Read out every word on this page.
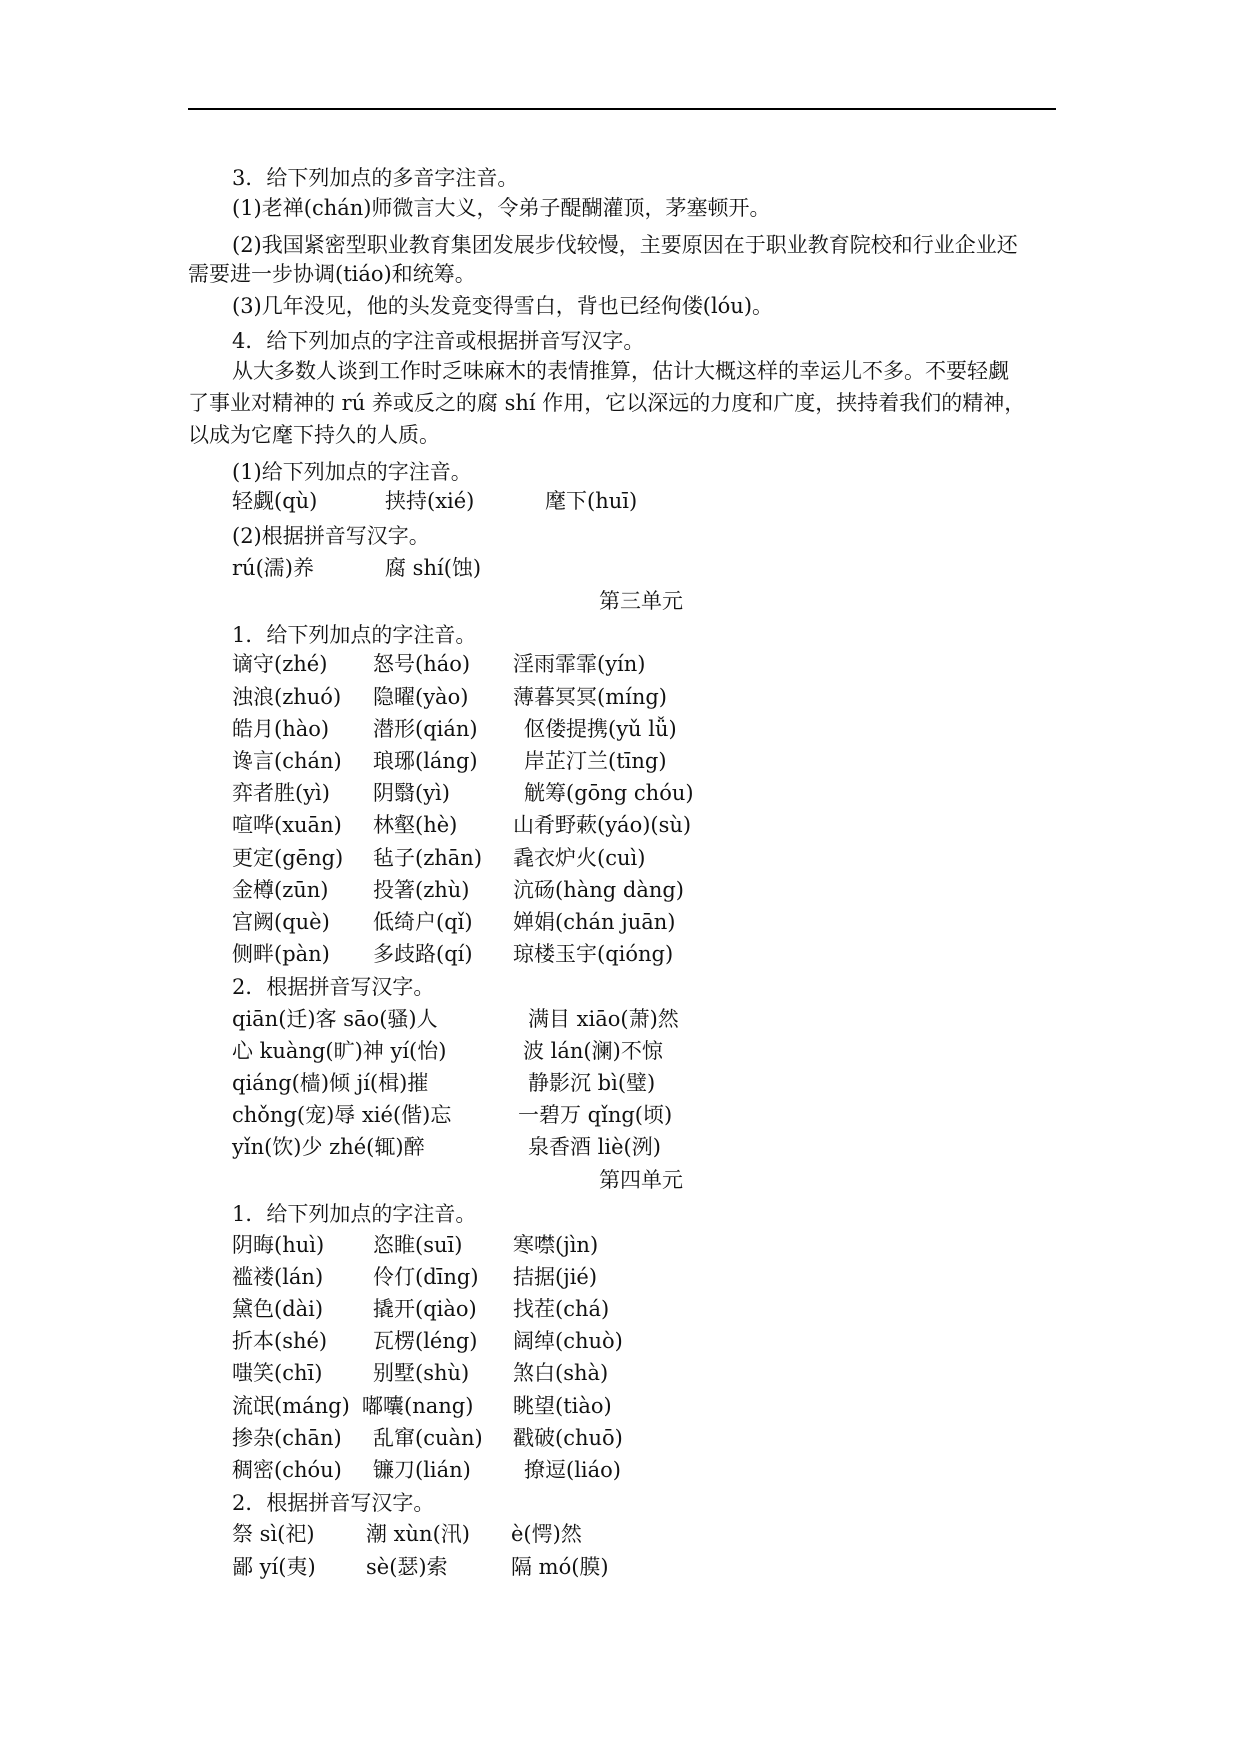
3．给下列加点的多音字注音。
(1)老禅(chán)师微言大义，令弟子醍醐灌顶，茅塞顿开。
(2)我国紧密型职业教育集团发展步伐较慢，主要原因在于职业教育院校和行业企业还
需要进一步协调(tiáo)和统筹。
(3)几年没见，他的头发竟变得雪白，背也已经佝偻(lóu)。
4．给下列加点的字注音或根据拼音写汉字。
从大多数人谈到工作时乏味麻木的表情推算，估计大概这样的幸运儿不多。不要轻觑
了事业对精神的 rú 养或反之的腐 shí 作用，它以深远的力度和广度，挟持着我们的精神，
以成为它麾下持久的人质。
(1)给下列加点的字注音。
轻觑(qù)	挟持(xié)	麾下(huī)
(2)根据拼音写汉字。
rú(濡)养	腐 shí(蚀)
第三单元
1．给下列加点的字注音。
谪守(zhé) 怒号(háo) 淫雨霏霏(yín)
浊浪(zhuó) 隐曜(yào) 薄暮冥冥(míng)
皓月(hào) 潜形(qián) 伛偻提携(yǔ lǚ)
谗言(chán) 琅琊(láng) 岸芷汀兰(tīng)
弈者胜(yì) 阴翳(yì)	觥筹(gōng chóu)
喧哗(xuān) 林壑(hè)	山肴野蔌(yáo)(sù)
更定(gēng) 毡子(zhān) 毳衣炉火(cuì)
金樽(zūn) 投箸(zhù) 沆砀(hàng dàng)
宫阙(què) 低绮户(qǐ) 婵娟(chán juān)
侧畔(pàn) 多歧路(qí) 琼楼玉宇(qióng)
2．根据拼音写汉字。
qiān(迁)客 sāo(骚)人	满目 xiāo(萧)然
心 kuàng(旷)神 yí(怡)	波 lán(澜)不惊
qiáng(樯)倾 jí(楫)摧	静影沉 bì(璧)
chǒng(宠)辱 xié(偕)忘	一碧万 qǐng(顷)
yǐn(饮)少 zhé(辄)醉	泉香酒 liè(洌)
第四单元
1．给下列加点的字注音。
阴晦(huì) 恣睢(suī) 寒噤(jìn)
褴褛(lán) 伶仃(dīng) 拮据(jié)
黛色(dài) 撬开(qiào) 找茬(chá)
折本(shé) 瓦楞(léng) 阔绰(chuò)
嗤笑(chī) 别墅(shù) 煞白(shà)
流氓(máng) 嘟囔(nang) 眺望(tiào)
掺杂(chān) 乱窜(cuàn) 戳破(chuō)
稠密(chóu) 镰刀(lián)	撩逗(liáo)
2．根据拼音写汉字。
祭 sì(祀) 潮 xùn(汛) è(愕)然
鄙 yí(夷) sè(瑟)索	隔 mó(膜)
